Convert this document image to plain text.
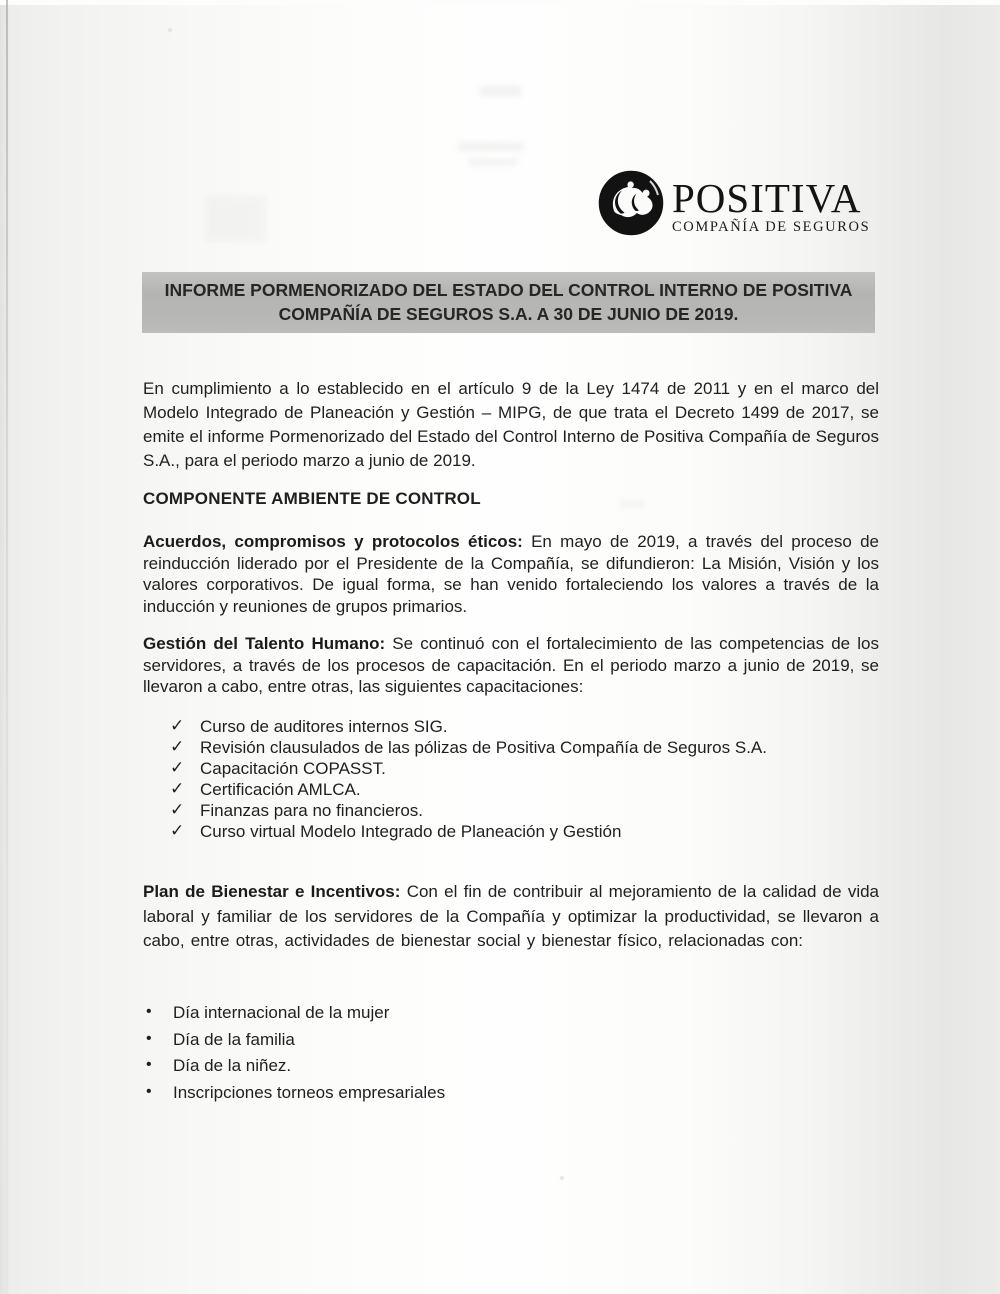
POSITIVA
COMPAÑÍA DE SEGUROS
INFORME PORMENORIZADO DEL ESTADO DEL CONTROL INTERNO DE POSITIVA
COMPAÑÍA DE SEGUROS S.A. A 30 DE JUNIO DE 2019.

En cumplimiento a lo establecido en el artículo 9 de la Ley 1474 de 2011 y en el marco del Modelo Integrado de Planeación y Gestión – MIPG, de que trata el Decreto 1499 de 2017, se emite el informe Pormenorizado del Estado del Control Interno de Positiva Compañía de Seguros S.A., para el periodo marzo a junio de 2019.

COMPONENTE AMBIENTE DE CONTROL

Acuerdos, compromisos y protocolos éticos: En mayo de 2019, a través del proceso de reinducción liderado por el Presidente de la Compañía, se difundieron: La Misión, Visión y los valores corporativos. De igual forma, se han venido fortaleciendo los valores a través de la inducción y reuniones de grupos primarios.

Gestión del Talento Humano: Se continuó con el fortalecimiento de las competencias de los servidores, a través de los procesos de capacitación. En el periodo marzo a junio de 2019, se llevaron a cabo, entre otras, las siguientes capacitaciones:

✓ Curso de auditores internos SIG.
✓ Revisión clausulados de las pólizas de Positiva Compañía de Seguros S.A.
✓ Capacitación COPASST.
✓ Certificación AMLCA.
✓ Finanzas para no financieros.
✓ Curso virtual Modelo Integrado de Planeación y Gestión

Plan de Bienestar e Incentivos: Con el fin de contribuir al mejoramiento de la calidad de vida laboral y familiar de los servidores de la Compañía y optimizar la productividad, se llevaron a cabo, entre otras, actividades de bienestar social y bienestar físico, relacionadas con:

• Día internacional de la mujer
• Día de la familia
• Día de la niñez.
• Inscripciones torneos empresariales
